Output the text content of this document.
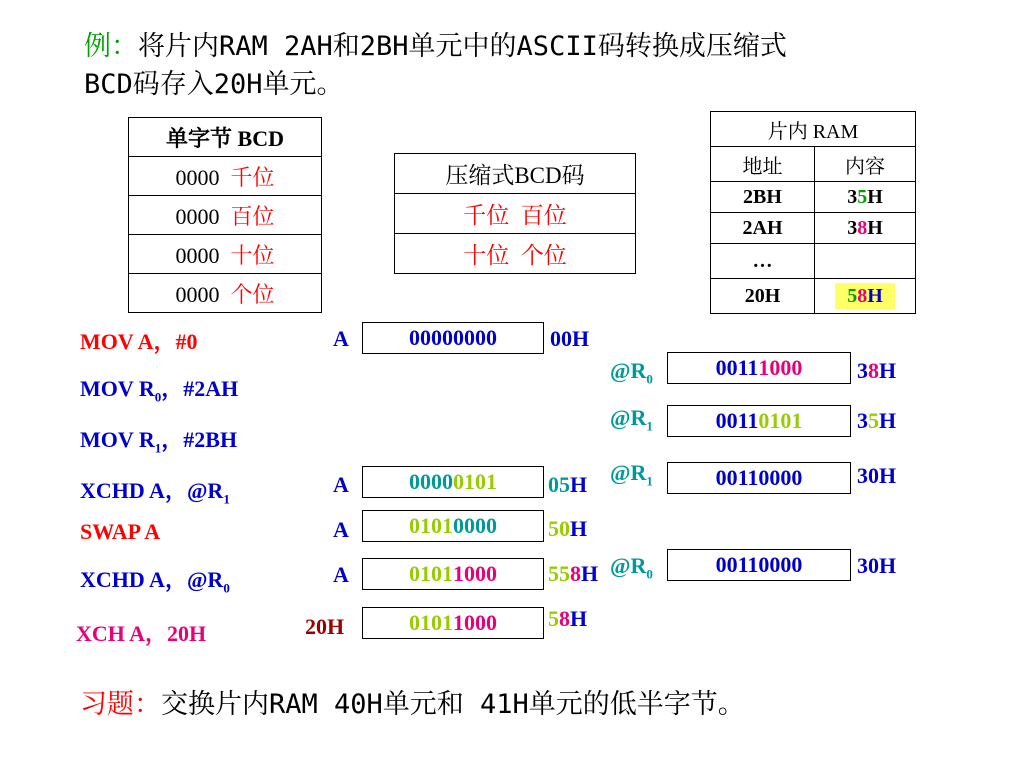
例：将片内RAM 2AH和2BH单元中的ASCII码转换成压缩式
BCD码存入20H单元。
单字节 BCD
0000 千位
0000 百位
0000 十位
0000 个位
压缩式BCD码
千位  百位
十位  个位
片内 RAM	
地址	内容
2BH	35H
2AH	38H
…	
20H	58H
MOV A，#0
MOV $R_0$，#2AH
MOV $R_1$，#2BH
XCHD A，$@R_1$
SWAP A
XCHD A，$@R_0$
XCH A，20H
A	00000000 00H
A	0000 0101 05H
A	0101 0000 50H
A	0101 1000 558H
20H	0101 1000 58H
$@R_0$	0011 1000 38H
$@R_1$	0011 0101 35H
$@R_1$	0011 0000 30H
$@R_0$	0011 0000 30H
习题：交换片内RAM 40H单元和 41H单元的低半字节。
